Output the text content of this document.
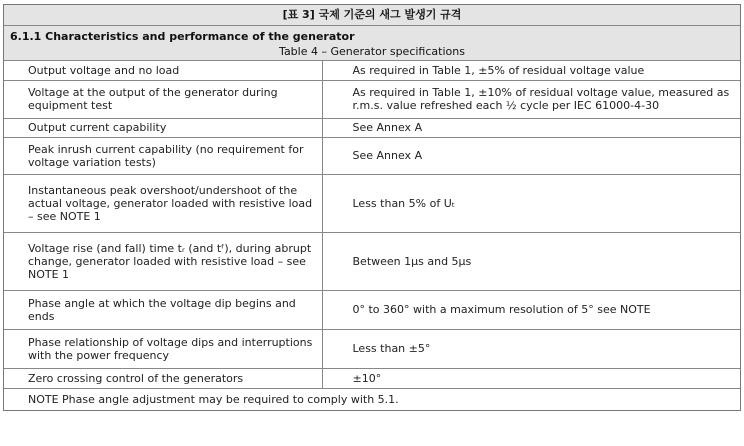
[표 3] 국제 기준의 새그 발생기 규격
6.1.1 Characteristics and performance of the generator
Table 4 – Generator specifications
Output voltage and no load	As required in Table 1, ±5% of residual voltage value
Voltage at the output of the generator during equipment test	As required in Table 1, ±10% of residual voltage value, measured as r.m.s. value refreshed each ½ cycle per IEC 61000-4-30
Output current capability	See Annex A
Peak inrush current capability (no requirement for voltage variation tests)	See Annex A
Instantaneous peak overshoot/undershoot of the actual voltage, generator loaded with resistive load – see NOTE 1	Less than 5% of Uₜ
Voltage rise (and fall) time tᵣ (and tᶠ), during abrupt change, generator loaded with resistive load – see NOTE 1	Between 1μs and 5μs
Phase angle at which the voltage dip begins and ends	0° to 360° with a maximum resolution of 5° see NOTE
Phase relationship of voltage dips and interruptions with the power frequency	Less than ±5°
Zero crossing control of the generators	±10°
NOTE Phase angle adjustment may be required to comply with 5.1.	
